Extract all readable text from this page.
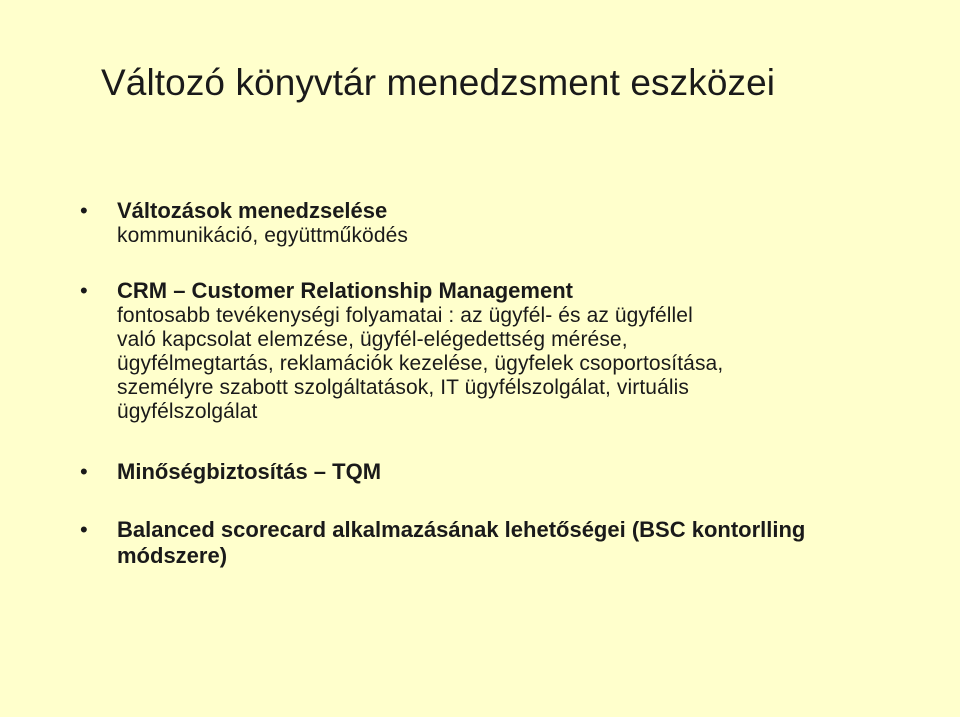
Változó könyvtár menedzsment eszközei
• Változások menedzselése
kommunikáció, együttműködés
• CRM – Customer Relationship Management
fontosabb tevékenységi folyamatai : az ügyfél- és az ügyféllel
való kapcsolat elemzése, ügyfél-elégedettség mérése,
ügyfélmegtartás, reklamációk kezelése, ügyfelek csoportosítása,
személyre szabott szolgáltatások, IT ügyfélszolgálat, virtuális
ügyfélszolgálat
• Minőségbiztosítás – TQM
• Balanced scorecard alkalmazásának lehetőségei (BSC kontorlling módszere)
